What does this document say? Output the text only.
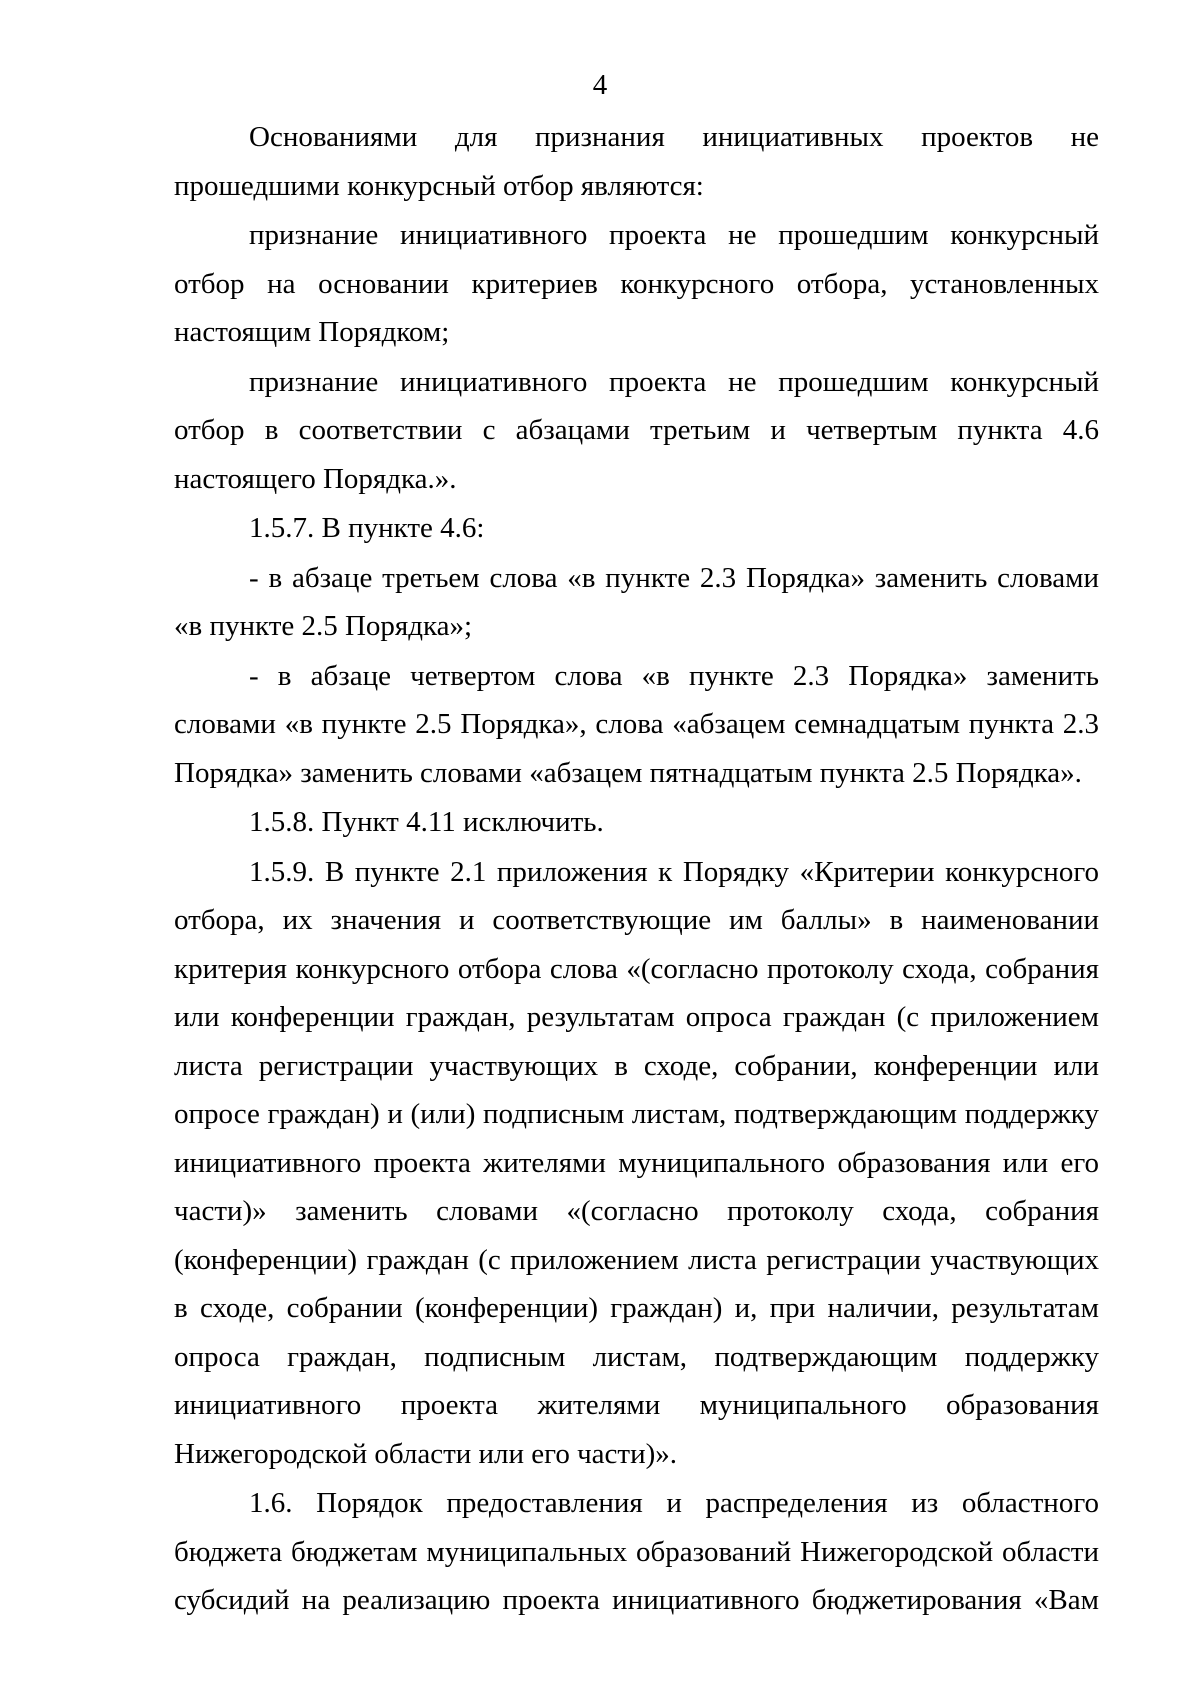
4

Основаниями для признания инициативных проектов не прошедшими конкурсный отбор являются:

признание инициативного проекта не прошедшим конкурсный отбор на основании критериев конкурсного отбора, установленных настоящим Порядком;

признание инициативного проекта не прошедшим конкурсный отбор в соответствии с абзацами третьим и четвертым пункта 4.6 настоящего Порядка.».

1.5.7. В пункте 4.6:

- в абзаце третьем слова «в пункте 2.3 Порядка» заменить словами «в пункте 2.5 Порядка»;

- в абзаце четвертом слова «в пункте 2.3 Порядка» заменить словами «в пункте 2.5 Порядка», слова «абзацем семнадцатым пункта 2.3 Порядка» заменить словами «абзацем пятнадцатым пункта 2.5 Порядка».

1.5.8. Пункт 4.11 исключить.

1.5.9. В пункте 2.1 приложения к Порядку «Критерии конкурсного отбора, их значения и соответствующие им баллы» в наименовании критерия конкурсного отбора слова «(согласно протоколу схода, собрания или конференции граждан, результатам опроса граждан (с приложением листа регистрации участвующих в сходе, собрании, конференции или опросе граждан) и (или) подписным листам, подтверждающим поддержку инициативного проекта жителями муниципального образования или его части)» заменить словами «(согласно протоколу схода, собрания (конференции) граждан (с приложением листа регистрации участвующих в сходе, собрании (конференции) граждан) и, при наличии, результатам опроса граждан, подписным листам, подтверждающим поддержку инициативного проекта жителями муниципального образования Нижегородской области или его части)».

1.6. Порядок предоставления и распределения из областного бюджета бюджетам муниципальных образований Нижегородской области субсидий на реализацию проекта инициативного бюджетирования «Вам
